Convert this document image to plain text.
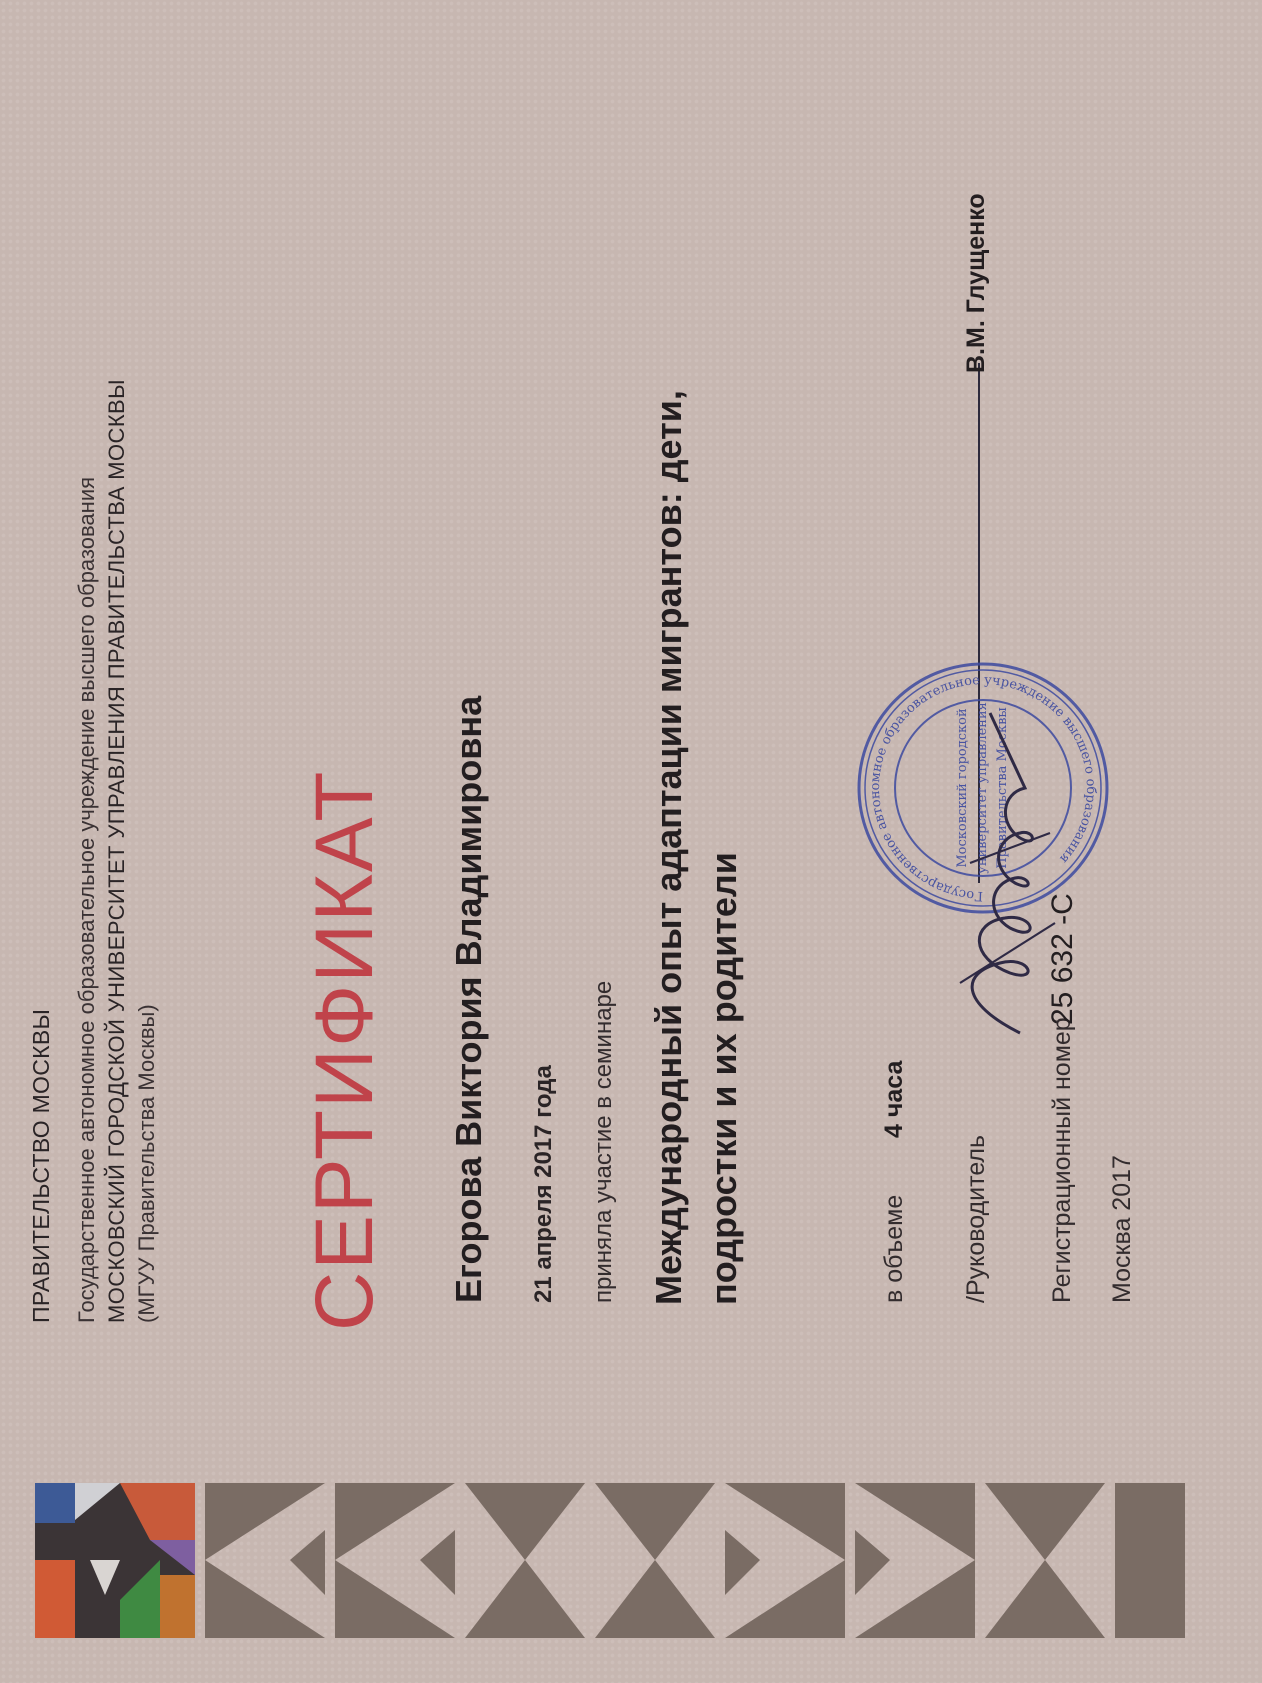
ПРАВИТЕЛЬСТВО МОСКВЫ Государственное автономное образовательное учреждение высшего образования МОСКОВСКИЙ ГОРОДСКОЙ УНИВЕРСИТЕТ УПРАВЛЕНИЯ ПРАВИТЕЛЬСТВА МОСКВЫ (МГУУ Правительства Москвы) СЕРТИФИКАТ Егорова Виктория Владимировна 21 апреля 2017 года приняла участие в семинаре Международный опыт адаптации мигрантов: дети, подростки и их родители	в объеме
4 часа
/Руководитель
В.М. Глущенко
Регистрационный номер Москва 2017
Государственное автономное образовательное учреждение высшего образования
Московский городской университет управления Правительства Москвы
25 632 -С
